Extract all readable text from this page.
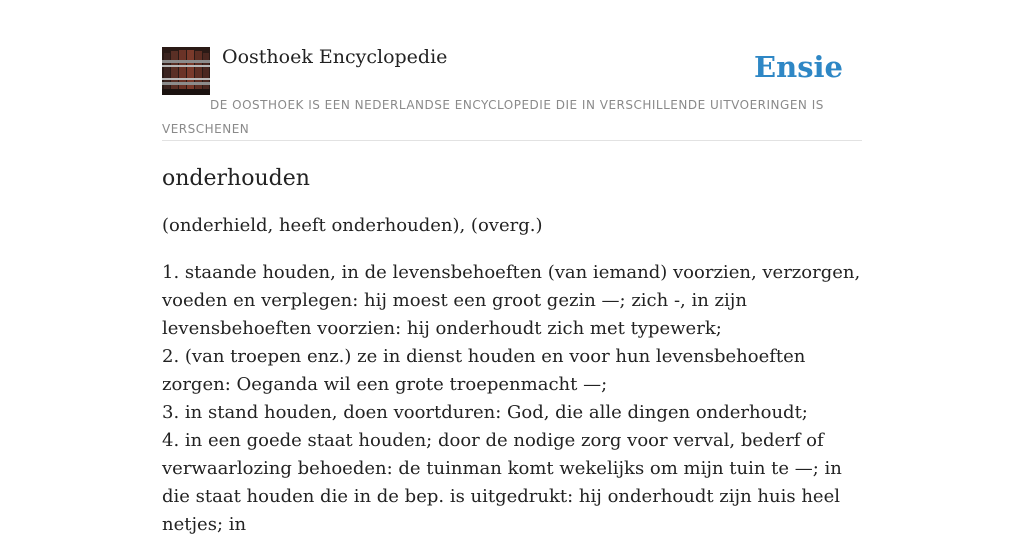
Oosthoek Encyclopedie	Ensie
DE OOSTHOEK IS EEN NEDERLANDSE ENCYCLOPEDIE DIE IN VERSCHILLENDE UITVOERINGEN IS VERSCHENEN
onderhouden

(onderhield, heeft onderhouden), (overg.)

1. staande houden, in de levensbehoeften (van iemand) voorzien, verzorgen, voeden en verplegen: hij moest een groot gezin —; zich -, in zijn levensbehoeften voorzien: hij onderhoudt zich met typewerk;
2. (van troepen enz.) ze in dienst houden en voor hun levensbehoeften zorgen: Oeganda wil een grote troepenmacht —;
3. in stand houden, doen voortduren: God, die alle dingen onderhoudt;
4. in een goede staat houden; door de nodige zorg voor verval, bederf of verwaarlozing behoeden: de tuinman komt wekelijks om mijn tuin te —; in die staat houden die in de bep. is uitgedrukt: hij onderhoudt zijn huis heel netjes; in
